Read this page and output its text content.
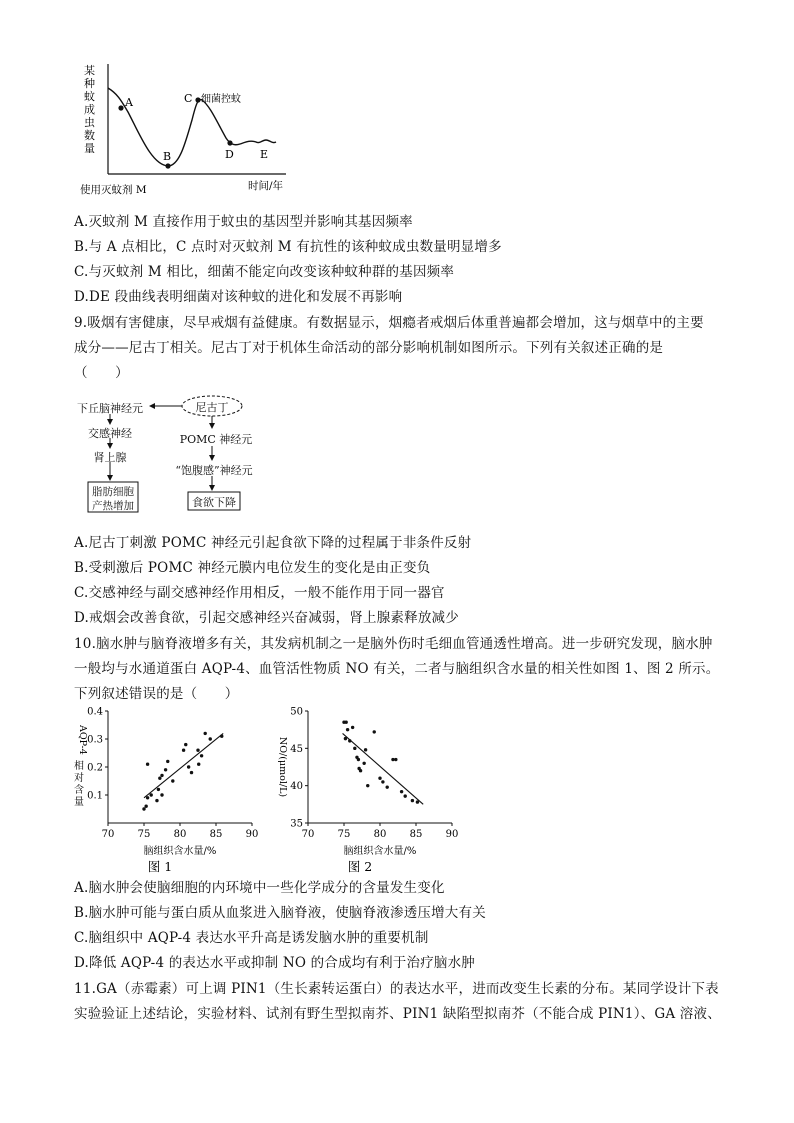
某
种
蚊
成
虫
数
量
A
B
C 细菌控蚊
D E
时间/年
使用灭蚊剂 M
A.灭蚊剂 M 直接作用于蚊虫的基因型并影响其基因频率
B.与 A 点相比，C 点时对灭蚊剂 M 有抗性的该种蚊成虫数量明显增多
C.与灭蚊剂 M 相比，细菌不能定向改变该种蚊种群的基因频率
D.DE 段曲线表明细菌对该种蚊的进化和发展不再影响
9.吸烟有害健康，尽早戒烟有益健康。有数据显示，烟瘾者戒烟后体重普遍都会增加，这与烟草中的主要
成分——尼古丁相关。尼古丁对于机体生命活动的部分影响机制如图所示。下列有关叙述正确的是
（　　）
尼古丁
下丘脑神经元
交感神经
肾上腺
脂肪细胞
产热增加
POMC 神经元
“饱腹感”神经元
食欲下降
A.尼古丁刺激 POMC 神经元引起食欲下降的过程属于非条件反射
B.受刺激后 POMC 神经元膜内电位发生的变化是由正变负
C.交感神经与副交感神经作用相反，一般不能作用于同一器官
D.戒烟会改善食欲，引起交感神经兴奋减弱，肾上腺素释放减少
10.脑水肿与脑脊液增多有关，其发病机制之一是脑外伤时毛细血管通透性增高。进一步研究发现，脑水肿
一般均与水通道蛋白 AQP-4、血管活性物质 NO 有关，二者与脑组织含水量的相关性如图 1、图 2 所示。
下列叙述错误的是（　　）
70 75 80 85 90
0.1
0.2
0.3
0.4
脑组织含水量/%
图 1
AQP-4
相
对
含
量
70 75 80 85 90
35
40
45
50
脑组织含水量/%
图 2
NO/(μmol/L)
A.脑水肿会使脑细胞的内环境中一些化学成分的含量发生变化
B.脑水肿可能与蛋白质从血浆进入脑脊液，使脑脊液渗透压增大有关
C.脑组织中 AQP-4 表达水平升高是诱发脑水肿的重要机制
D.降低 AQP-4 的表达水平或抑制 NO 的合成均有利于治疗脑水肿
11.GA（赤霉素）可上调 PIN1（生长素转运蛋白）的表达水平，进而改变生长素的分布。某同学设计下表
实验验证上述结论，实验材料、试剂有野生型拟南芥、PIN1 缺陷型拟南芥（不能合成 PIN1）、GA 溶液、
